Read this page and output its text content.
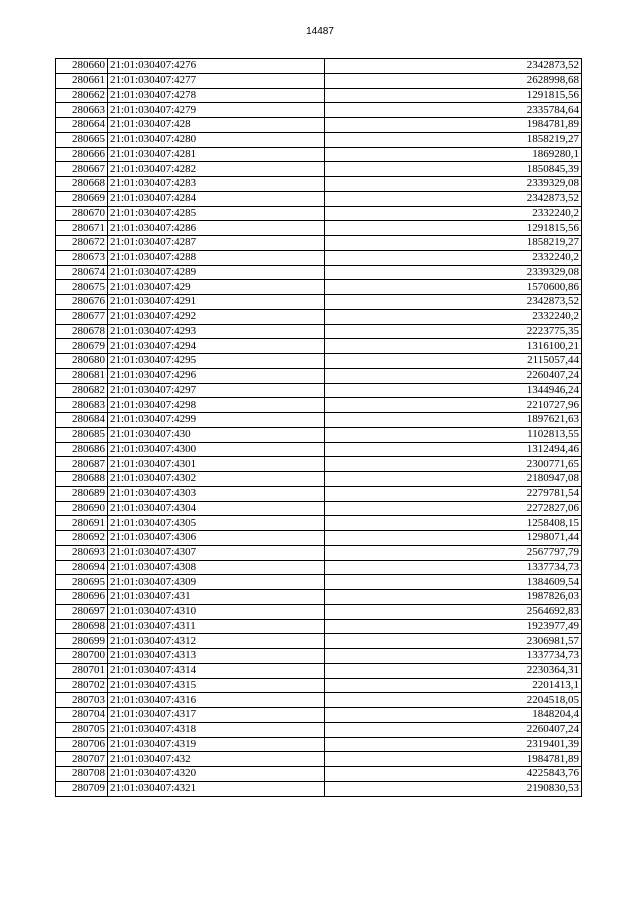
14487
280660	21:01:030407:4276	2342873,52
280661	21:01:030407:4277	2628998,68
280662	21:01:030407:4278	1291815,56
280663	21:01:030407:4279	2335784,64
280664	21:01:030407:428	1984781,89
280665	21:01:030407:4280	1858219,27
280666	21:01:030407:4281	1869280,1
280667	21:01:030407:4282	1850845,39
280668	21:01:030407:4283	2339329,08
280669	21:01:030407:4284	2342873,52
280670	21:01:030407:4285	2332240,2
280671	21:01:030407:4286	1291815,56
280672	21:01:030407:4287	1858219,27
280673	21:01:030407:4288	2332240,2
280674	21:01:030407:4289	2339329,08
280675	21:01:030407:429	1570600,86
280676	21:01:030407:4291	2342873,52
280677	21:01:030407:4292	2332240,2
280678	21:01:030407:4293	2223775,35
280679	21:01:030407:4294	1316100,21
280680	21:01:030407:4295	2115057,44
280681	21:01:030407:4296	2260407,24
280682	21:01:030407:4297	1344946,24
280683	21:01:030407:4298	2210727,96
280684	21:01:030407:4299	1897621,63
280685	21:01:030407:430	1102813,55
280686	21:01:030407:4300	1312494,46
280687	21:01:030407:4301	2300771,65
280688	21:01:030407:4302	2180947,08
280689	21:01:030407:4303	2279781,54
280690	21:01:030407:4304	2272827,06
280691	21:01:030407:4305	1258408,15
280692	21:01:030407:4306	1298071,44
280693	21:01:030407:4307	2567797,79
280694	21:01:030407:4308	1337734,73
280695	21:01:030407:4309	1384609,54
280696	21:01:030407:431	1987826,03
280697	21:01:030407:4310	2564692,83
280698	21:01:030407:4311	1923977,49
280699	21:01:030407:4312	2306981,57
280700	21:01:030407:4313	1337734,73
280701	21:01:030407:4314	2230364,31
280702	21:01:030407:4315	2201413,1
280703	21:01:030407:4316	2204518,05
280704	21:01:030407:4317	1848204,4
280705	21:01:030407:4318	2260407,24
280706	21:01:030407:4319	2319401,39
280707	21:01:030407:432	1984781,89
280708	21:01:030407:4320	4225843,76
280709	21:01:030407:4321	2190830,53
